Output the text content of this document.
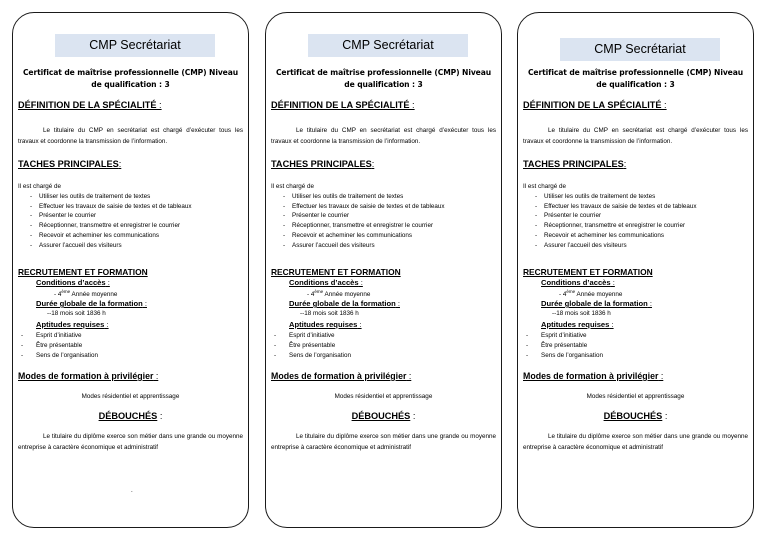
CMP Secrétariat
Certificat de maîtrise professionnelle (CMP) Niveau de qualification : 3
DÉFINITION DE LA SPÉCIALITÉ :
Le titulaire du CMP en secrétariat est chargé d’exécuter tous les travaux et coordonne la transmission de l’information.
TACHES PRINCIPALES:
Il est chargé de
- Utiliser les outils de traitement de textes
- Effectuer les travaux de saisie de textes et de tableaux
- Présenter le courrier
- Réceptionner, transmettre et enregistrer le courrier
- Recevoir et acheminer les communications
- Assurer l’accueil des visiteurs
RECRUTEMENT ET FORMATION
Conditions d’accès :
- 4ème Année moyenne
Durée globale de la formation :
--18 mois soit 1836 h
Aptitudes requises :
- Esprit d’initiative
- Être présentable
- Sens de l’organisation
Modes de formation à privilégier :
Modes résidentiel et apprentissage
DÉBOUCHÉS :
Le titulaire du diplôme exerce son métier dans une grande ou moyenne entreprise à caractère économique et administratif
.
CMP Secrétariat
Certificat de maîtrise professionnelle (CMP) Niveau de qualification : 3
DÉFINITION DE LA SPÉCIALITÉ :
Le titulaire du CMP en secrétariat est chargé d’exécuter tous les travaux et coordonne la transmission de l’information.
TACHES PRINCIPALES:
Il est chargé de
- Utiliser les outils de traitement de textes
- Effectuer les travaux de saisie de textes et de tableaux
- Présenter le courrier
- Réceptionner, transmettre et enregistrer le courrier
- Recevoir et acheminer les communications
- Assurer l’accueil des visiteurs
RECRUTEMENT ET FORMATION
Conditions d’accès :
- 4ème Année moyenne
Durée globale de la formation :
--18 mois soit 1836 h
Aptitudes requises :
- Esprit d’initiative
- Être présentable
- Sens de l’organisation
Modes de formation à privilégier :
Modes résidentiel et apprentissage
DÉBOUCHÉS :
Le titulaire du diplôme exerce son métier dans une grande ou moyenne entreprise à caractère économique et administratif
CMP Secrétariat
Certificat de maîtrise professionnelle (CMP) Niveau de qualification : 3
DÉFINITION DE LA SPÉCIALITÉ :
Le titulaire du CMP en secrétariat est chargé d’exécuter tous les travaux et coordonne la transmission de l’information.
TACHES PRINCIPALES:
Il est chargé de
- Utiliser les outils de traitement de textes
- Effectuer les travaux de saisie de textes et de tableaux
- Présenter le courrier
- Réceptionner, transmettre et enregistrer le courrier
- Recevoir et acheminer les communications
- Assurer l’accueil des visiteurs
RECRUTEMENT ET FORMATION
Conditions d’accès :
- 4ème Année moyenne
Durée globale de la formation :
--18 mois soit 1836 h
Aptitudes requises :
- Esprit d’initiative
- Être présentable
- Sens de l’organisation
Modes de formation à privilégier :
Modes résidentiel et apprentissage
DÉBOUCHÉS :
Le titulaire du diplôme exerce son métier dans une grande ou moyenne entreprise à caractère économique et administratif
